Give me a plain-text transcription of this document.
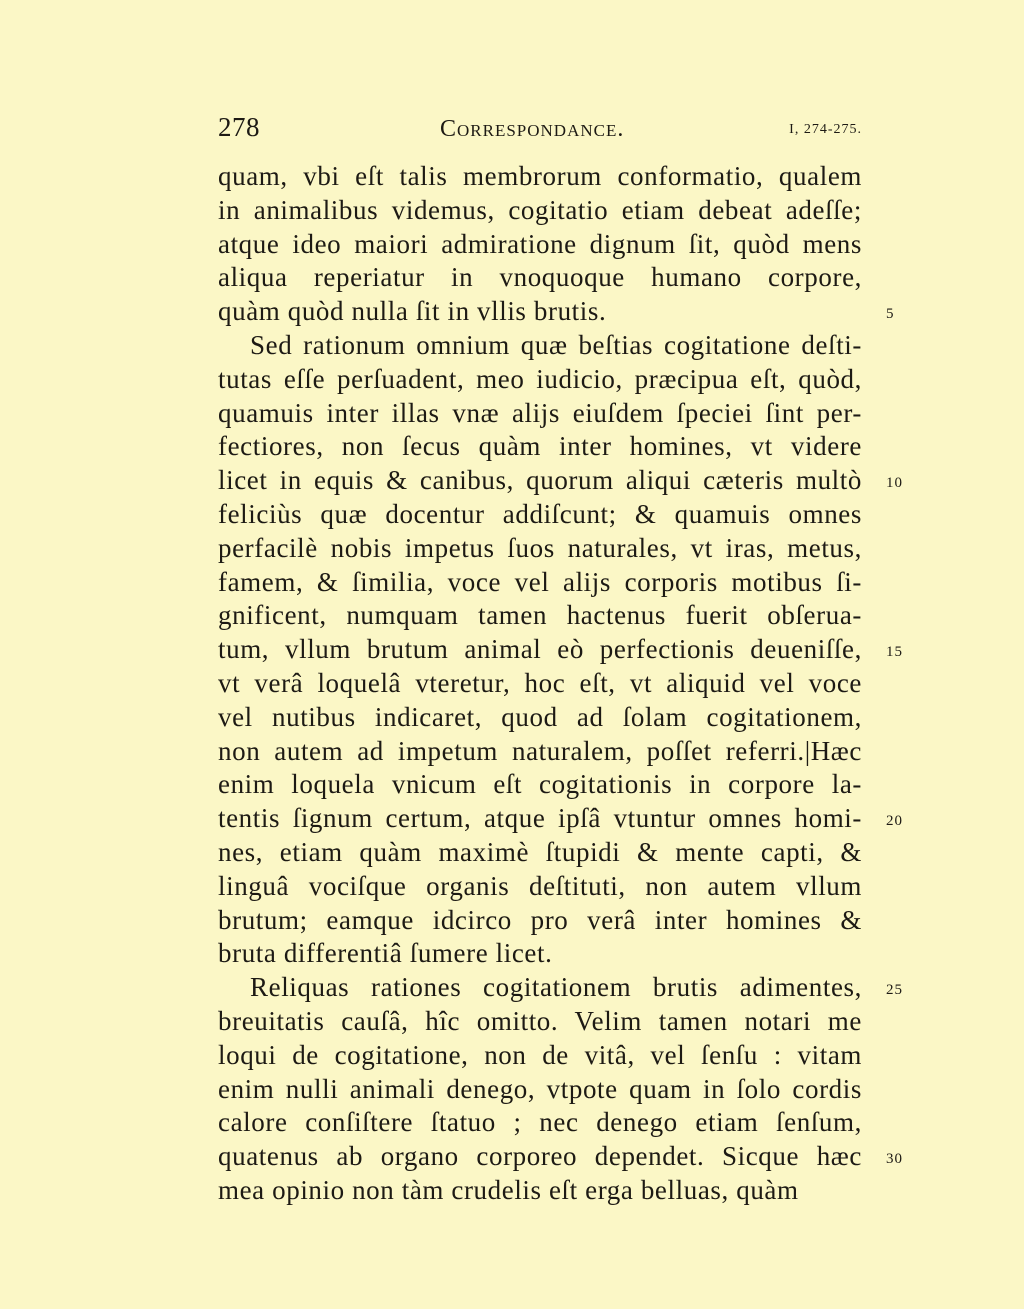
278	Correspondance.	I, 274-275.
quam, vbi eſt talis membrorum conformatio, qualem
in animalibus videmus, cogitatio etiam debeat adeſſe;
atque ideo maiori admiratione dignum ſit, quòd mens
aliqua reperiatur in vnoquoque humano corpore,
quàm quòd nulla ſit in vllis brutis.	5
Sed rationum omnium quæ beſtias cogitatione deſti-
tutas eſſe perſuadent, meo iudicio, præcipua eſt, quòd,
quamuis inter illas vnæ alijs eiuſdem ſpeciei ſint per-
fectiores, non ſecus quàm inter homines, vt videre
licet in equis & canibus, quorum aliqui cæteris multò 10
feliciùs quæ docentur addiſcunt; & quamuis omnes
perfacilè nobis impetus ſuos naturales, vt iras, metus,
famem, & ſimilia, voce vel alijs corporis motibus ſi-
gnificent, numquam tamen hactenus fuerit obſerua-
tum, vllum brutum animal eò perfectionis deueniſſe, 15
vt verâ loquelâ vteretur, hoc eſt, vt aliquid vel voce
vel nutibus indicaret, quod ad ſolam cogitationem,
non autem ad impetum naturalem, poſſet referri.|Hæc
enim loquela vnicum eſt cogitationis in corpore la-
tentis ſignum certum, atque ipſâ vtuntur omnes homi- 20
nes, etiam quàm maximè ſtupidi & mente capti, &
linguâ vociſque organis deſtituti, non autem vllum
brutum; eamque idcirco pro verâ inter homines &
bruta differentiâ ſumere licet.
Reliquas rationes cogitationem brutis adimentes, 25
breuitatis cauſâ, hîc omitto. Velim tamen notari me
loqui de cogitatione, non de vitâ, vel ſenſu : vitam
enim nulli animali denego, vtpote quam in ſolo cordis
calore conſiſtere ſtatuo ; nec denego etiam ſenſum,
quatenus ab organo corporeo dependet. Sicque hæc 30
mea opinio non tàm crudelis eſt erga belluas, quàm
